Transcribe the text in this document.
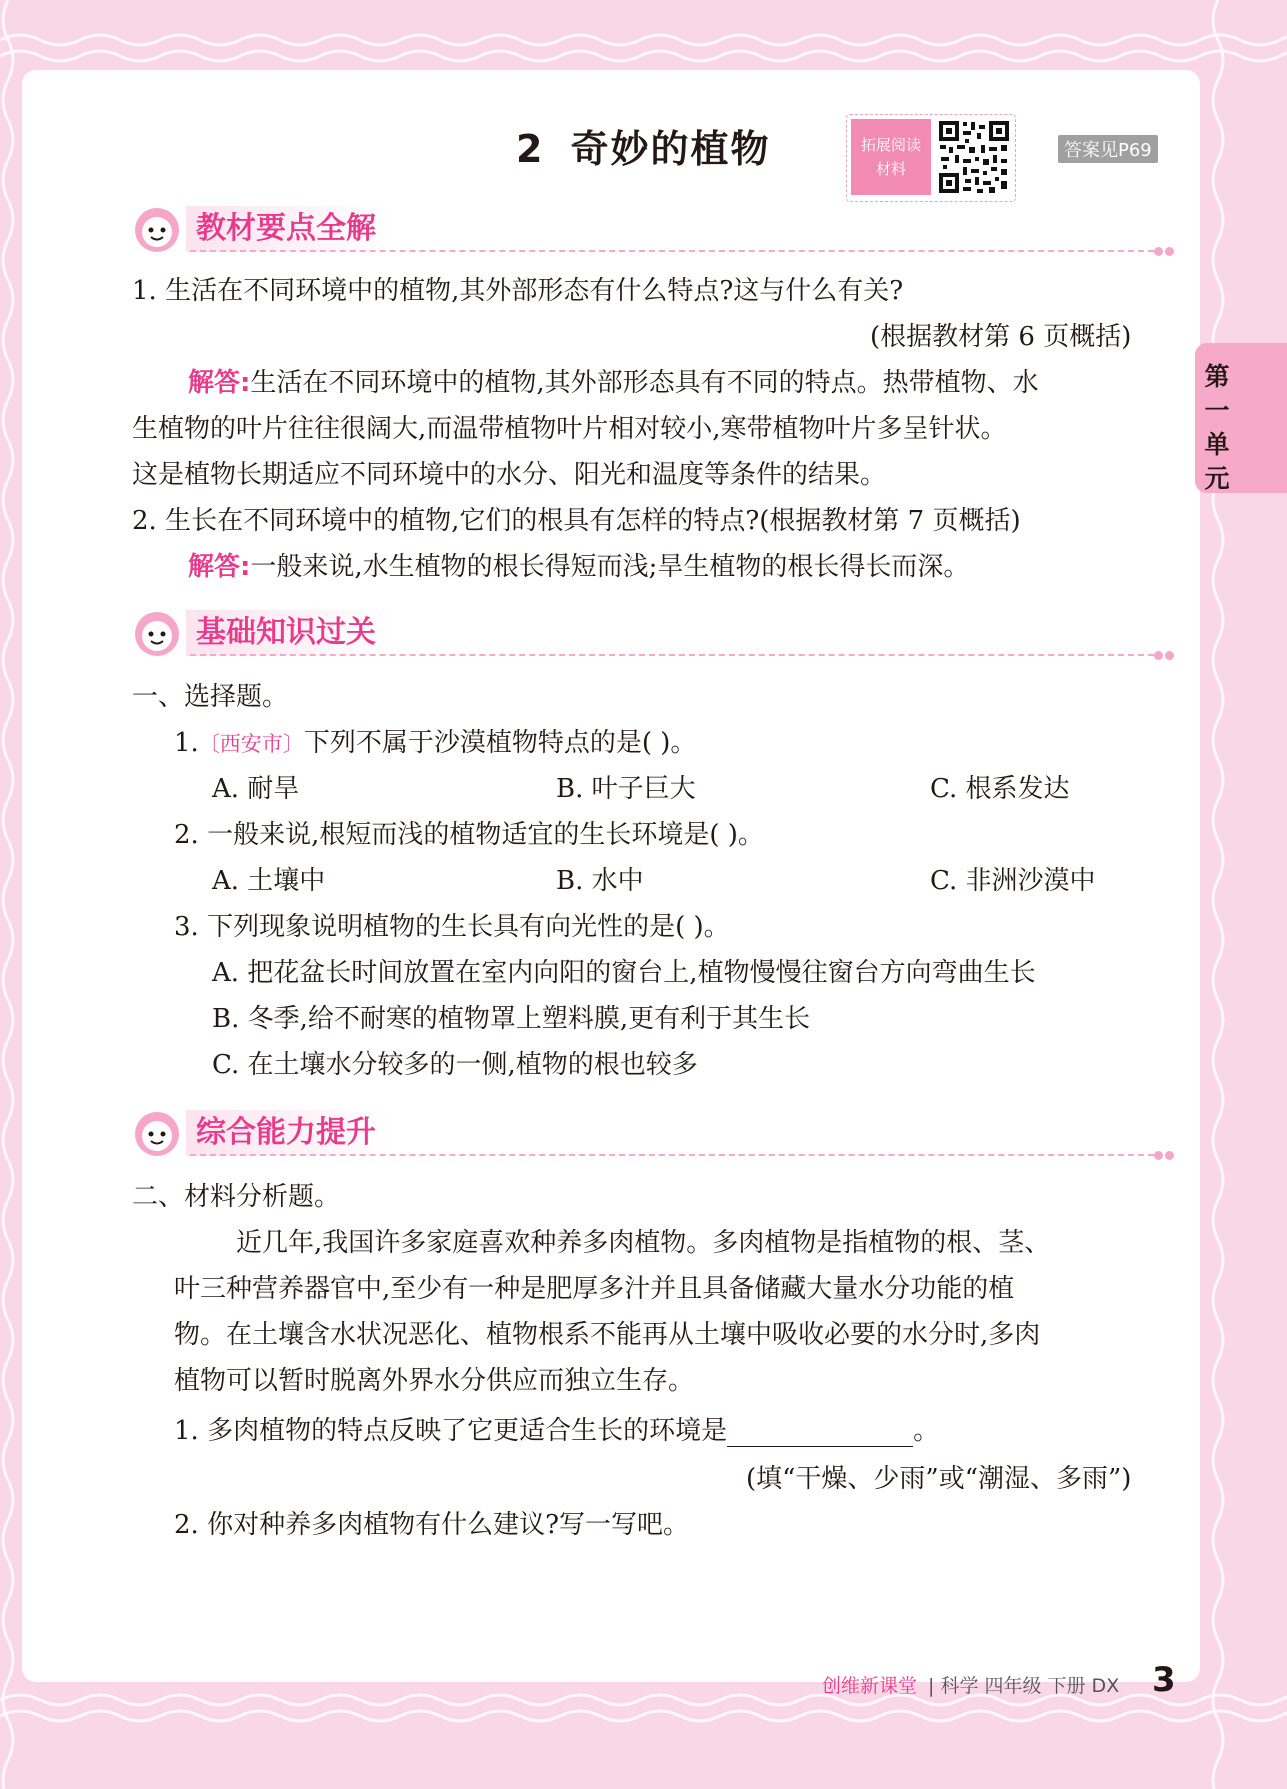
第
一
单
元
2 奇妙的植物	拓展阅读
材料
答案见P69
教材要点全解
1. 生活在不同环境中的植物,其外部形态有什么特点?这与什么有关?
(根据教材第 6 页概括)
解答:生活在不同环境中的植物,其外部形态具有不同的特点。热带植物、水
生植物的叶片往往很阔大,而温带植物叶片相对较小,寒带植物叶片多呈针状。
这是植物长期适应不同环境中的水分、阳光和温度等条件的结果。
2. 生长在不同环境中的植物,它们的根具有怎样的特点?(根据教材第 7 页概括)
解答:一般来说,水生植物的根长得短而浅;旱生植物的根长得长而深。
基础知识过关
一、选择题。
1.〔西安市〕下列不属于沙漠植物特点的是( )。
A. 耐旱	B. 叶子巨大	C. 根系发达
2. 一般来说,根短而浅的植物适宜的生长环境是( )。
A. 土壤中	B. 水中	C. 非洲沙漠中
3. 下列现象说明植物的生长具有向光性的是( )。
A. 把花盆长时间放置在室内向阳的窗台上,植物慢慢往窗台方向弯曲生长
B. 冬季,给不耐寒的植物罩上塑料膜,更有利于其生长
C. 在土壤水分较多的一侧,植物的根也较多
综合能力提升
二、材料分析题。
近几年,我国许多家庭喜欢种养多肉植物。多肉植物是指植物的根、茎、
叶三种营养器官中,至少有一种是肥厚多汁并且具备储藏大量水分功能的植
物。在土壤含水状况恶化、植物根系不能再从土壤中吸收必要的水分时,多肉
植物可以暂时脱离外界水分供应而独立生存。
1. 多肉植物的特点反映了它更适合生长的环境是	。
(填“干燥、少雨”或“潮湿、多雨”)
2. 你对种养多肉植物有什么建议?写一写吧。
创维新课堂 | 科学 四年级 下册 DX 3
